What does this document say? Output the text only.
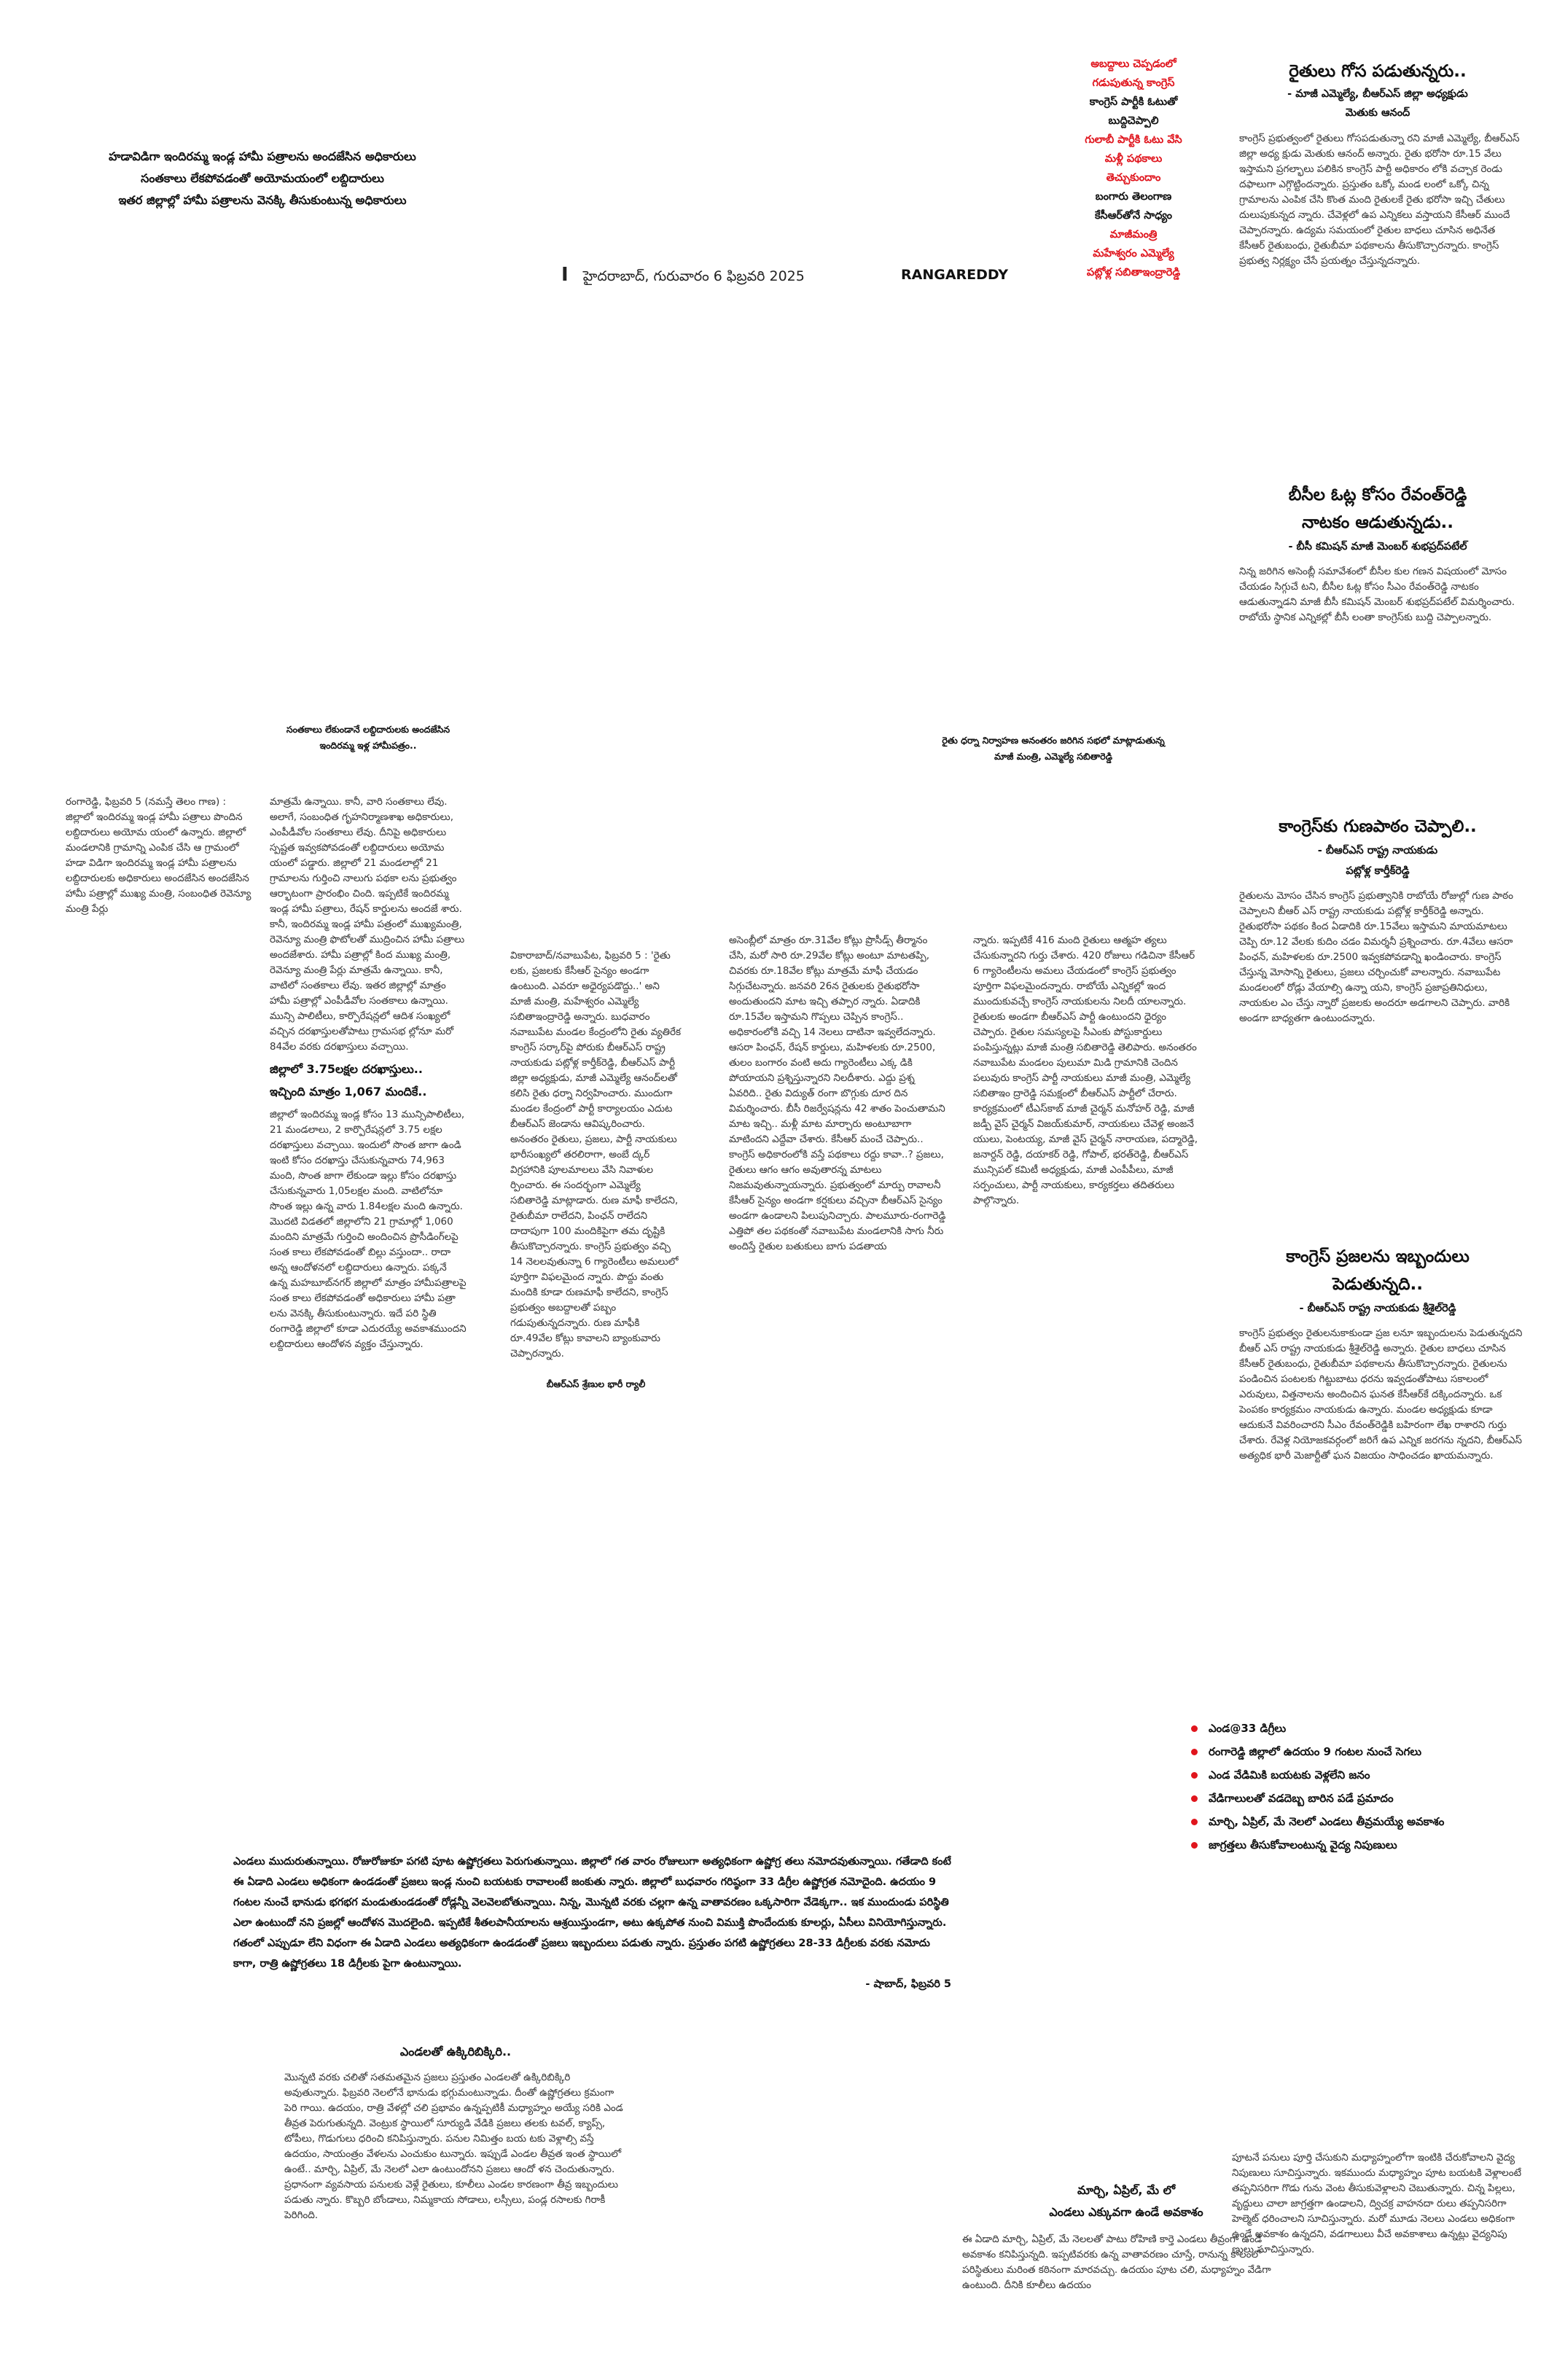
I హైదరాబాద్, గురువారం 6 ఫిబ్రవరి 2025	RANGAREDDY
హడావిడిగా ఇందిరమ్మ ఇండ్ల హామీ పత్రాలను అందజేసిన అధికారులు
సంతకాలు లేకపోవడంతో అయోమయంలో లబ్దిదారులు
ఇతర జిల్లాల్లో హామీ పత్రాలను వెనక్కి తీసుకుంటున్న అధికారులు
సంతకాలు లేకుండానే లబ్దిదారులకు అందజేసిన ఇందిరమ్మ ఇళ్ల హామీపత్రం..
రంగారెడ్డి, ఫిబ్రవరి 5 (నమస్తే తెలం గాణ) : జిల్లాలో ఇందిరమ్మ ఇండ్ల హామీ పత్రాలు పొందిన లబ్దిదారులు అయోమ యంలో ఉన్నారు. జిల్లాలో మండలానికి గ్రామాన్ని ఎంపిక చేసి ఆ గ్రామంలో హడా విడిగా ఇందిరమ్మ ఇండ్ల హామీ పత్రాలను లబ్దిదారులకు అధికారులు అందజేసిన అందజేసిన హామీ పత్రాల్లో ముఖ్య మంత్రి, సంబంధిత రెవెన్యూ మంత్రి పేర్లు
మాత్రమే ఉన్నాయి. కానీ, వారి సంతకాలు లేవు. అలాగే, సంబంధిత గృహనిర్మాణశాఖ అధికారులు, ఎంపీడీవోల సంతకాలు లేవు. దీనిపై అధికారులు స్పష్టత ఇవ్వకపోవడంతో లబ్దిదారులు అయోమ యంలో పడ్డారు. జిల్లాలో 21 మండలాల్లో 21 గ్రామాలను గుర్తించి నాలుగు పథకా లను ప్రభుత్వం ఆర్భాటంగా ప్రారంభిం చింది. ఇప్పటికే ఇందిరమ్మ ఇండ్ల హామీ పత్రాలు, రేషన్ కార్డులను అందజే శారు. కానీ, ఇందిరమ్మ ఇండ్ల హామీ పత్రంలో ముఖ్యమంత్రి, రెవెన్యూ మంత్రి ఫొటోలతో ముద్రించిన హామీ పత్రాలు అందజేశారు. హామీ పత్రాల్లో కింద ముఖ్య మంత్రి, రెవెన్యూ మంత్రి పేర్లు మాత్రమే ఉన్నాయి. కానీ, వాటిలో సంతకాలు లేవు. ఇతర జిల్లాల్లో మాత్రం హామీ పత్రాల్లో ఎంపీడీవోల సంతకాలు ఉన్నాయి. మున్సి పాలిటీలు, కార్పొరేషన్లలో ఆదిశ సంఖ్యలో వచ్చిన దరఖాస్తులతోపాటు గ్రామసభ ల్లోనూ మరో 84వేల వరకు దరఖాస్తులు వచ్చాయి.
జిల్లాలో 3.75లక్షల దరఖాస్తులు..
ఇచ్చింది మాత్రం 1,067 మందికే..
జిల్లాలో ఇందిరమ్మ ఇండ్ల కోసం 13 మున్సిపాలిటీలు, 21 మండలాలు, 2 కార్పొరేషన్లలో 3.75 లక్షల దరఖాస్తులు వచ్చాయి. ఇందులో సొంత జాగా ఉండి ఇంటి కోసం దరఖాస్తు చేసుకున్నవారు 74,963 మంది, సొంత జాగా లేకుండా ఇల్లు కోసం దరఖాస్తు చేసుకున్నవారు 1,05లక్షల మంది. వాటిలోనూ సొంత ఇల్లు ఉన్న వారు 1.84లక్షల మంది ఉన్నారు. మొదటి విడతలో జిల్లాలోని 21 గ్రామాల్లో 1,060 మందిని మాత్రమే గుర్తించి అందించిన ప్రొసీడింగ్‌లపై సంత కాలు లేకపోవడంతో బిల్లు వస్తుందా.. రాదా అన్న ఆందోళనలో లబ్దిదారులు ఉన్నారు. పక్కనే ఉన్న మహబూబ్‌నగర్ జిల్లాలో మాత్రం హామీపత్రాలపై సంత కాలు లేకపోవడంతో అధికారులు హామీ పత్రా లను వెనక్కి తీసుకుంటున్నారు. ఇదే పరి స్థితి రంగారెడ్డి జిల్లాలో కూడా ఎదురయ్యే అవకాశముందని లబ్దిదారులు ఆందోళన వ్యక్తం చేస్తున్నారు.
అబద్దాలు చెప్పడంలో
గడుపుతున్న కాంగ్రెస్
కాంగ్రెస్ పార్టీకి ఓటుతో
బుద్దిచెప్పాలి
గులాబీ పార్టీకి ఓటు వేసి
మళ్లీ పథకాలు
తెచ్చుకుందాం
బంగారు తెలంగాణ
కేసీఆర్‌తోనే సాధ్యం
మాజీమంత్రి
మహేశ్వరం ఎమ్మెల్యే
పట్లోళ్ల సబితాఇంద్రారెడ్డి
రైతు ధర్నా నిర్వాహణ అనంతరం జరిగిన సభలో మాట్లాడుతున్న మాజీ మంత్రి, ఎమ్మెల్యే సబితారెడ్డి

వికారాబాద్/నవాబుపేట, ఫిబ్రవరి 5 : 'రైతు లకు, ప్రజలకు కేసీఆర్ సైన్యం అండగా ఉంటుంది. ఎవరూ అధైర్యపడొద్దు..' అని మాజీ మంత్రి, మహేశ్వరం ఎమ్మెల్యే సబితాఇంద్రారెడ్డి అన్నారు. బుధవారం నవాబుపేట మండల కేంద్రంలోని రైతు వ్యతిరేక కాంగ్రెస్ సర్కార్‌పై పోరుకు బీఆర్‌ఎస్ రాష్ట్ర నాయకుడు పట్లోళ్ల కార్తీక్‌రెడ్డి, బీఆర్‌ఎస్ పార్టీ జిల్లా అధ్యక్షుడు, మాజీ ఎమ్మెల్యే ఆనంద్‌లతో కలిసి రైతు ధర్నా నిర్వహించారు. ముందుగా మండల కేంద్రంలో పార్టీ కార్యాలయం ఎదుట బీఆర్‌ఎస్ జెండాను ఆవిష్కరించారు. అనంతరం రైతులు, ప్రజలు, పార్టీ నాయకులు భారీసంఖ్యలో తరలిరాగా, అంబే ద్కర్ విగ్రహానికి పూలమాలలు వేసి నివాళుల ర్పించారు. ఈ సందర్భంగా ఎమ్మెల్యే సబితారెడ్డి మాట్లాడారు. రుణ మాఫీ కాలేదని, రైతుబీమా రాలేదని, పింఛన్ రాలేదని దాదాపుగా 100 మందికిపైగా తమ దృష్టికి తీసుకొచ్చారన్నారు. కాంగ్రెస్ ప్రభుత్వం వచ్చి 14 నెలలవుతున్నా 6 గ్యారెంటీలు అమలులో పూర్తిగా విఫలమైంద న్నారు. పొద్దు వంతు మందికి కూడా రుణమాఫీ కాలేదని, కాంగ్రెస్ ప్రభుత్వం అబద్దాలతో పబ్బం గడుపుతున్నదన్నారు. రుణ మాఫీకి రూ.49వేల కోట్లు కావాలని బ్యాంకువారు చెప్పారన్నారు.

బీఆర్‌ఎస్ శ్రేణుల భారీ ర్యాలీ

అసెంబ్లీలో మాత్రం రూ.31వేల కోట్లు ప్రొసీడ్స్ తీర్మానం చేసి, మరో సారి రూ.29వేల కోట్లు అంటూ మాటతప్పి, చివరకు రూ.18వేల కోట్లు మాత్రమే మాఫీ చేయడం సిగ్గుచేటన్నారు. జనవరి 26న రైతులకు రైతుభరోసా అందుతుందని మాట ఇచ్చి తప్పార న్నారు. ఏడాదికి రూ.15వేల ఇస్తామని గొప్పలు చెప్పిన కాంగ్రెస్.. అధికారంలోకి వచ్చి 14 నెలలు దాటినా ఇవ్వలేదన్నారు. ఆసరా పింఛన్, రేషన్ కార్డులు, మహిళలకు రూ.2500, తులం బంగారం వంటి అదు గ్యారెంటీలు ఎక్క డికి పోయాయని ప్రశ్నిస్తున్నారని నిలదీశారు. ఎద్దు ప్రశ్న ఏవరిది.. రైతు విద్యుత్ రంగా బొగ్గుకు దూర దిన విమర్శించారు. బీసీ రిజర్వేషన్లను 42 శాతం పెంచుతామని మాట ఇచ్చి.. మళ్లీ మాట మార్చారు అంటూబాగా మాటిందని ఎద్దేవా చేశారు. కేసీఆర్ మంచే చెప్పారు.. కాంగ్రెస్ అధికారంలోకి వస్తే పథకాలు రద్దు కావా..? ప్రజలు, రైతులు ఆగం ఆగం అవుతారన్న మాటలు నిజమవుతున్నాయన్నారు. ప్రభుత్వంలో మార్పు రావాలనీ కేసీఆర్ సైన్యం అండగా కర్షకులు వచ్చినా బీఆర్‌ఎస్ సైన్యం అండగా ఉండాలని పిలుపునిచ్చారు. పాలమూరు-రంగారెడ్డి ఎత్తిపో తల పథకంతో నవాబుపేట మండలానికి సాగు నీరు అందిస్తే రైతుల బతుకులు బాగు పడతాయ
న్నారు. ఇప్పటికే 416 మంది రైతులు ఆత్మహ త్యలు చేసుకున్నారని గుర్తు చేశారు. 420 రోజులు గడిచినా కేసీఆర్ 6 గ్యారెంటీలను అమలు చేయడంలో కాంగ్రెస్ ప్రభుత్వం పూర్తిగా విఫలమైందన్నారు. రాబోయే ఎన్నికల్లో ఇంద ముందుకువచ్చే కాంగ్రెస్ నాయకులను నిలదీ యాలన్నారు. రైతులకు అండగా బీఆర్‌ఎస్ పార్టీ ఉంటుందని ధైర్యం చెప్పారు. రైతుల సమస్యలపై సీఎంకు పోస్టుకార్డులు పంపిస్తున్నట్లు మాజీ మంత్రి సబితారెడ్డి తెలిపారు. అనంతరం నవాబుపేట మండలం పులుమా మిడి గ్రామానికి చెందిన పలువురు కాంగ్రెస్ పార్టీ నాయకులు మాజీ మంత్రి, ఎమ్మెల్యే సబితాఇం ద్రారెడ్డి సమక్షంలో బీఆర్‌ఎస్ పార్టీలో చేరారు. కార్యక్రమంలో టీఎస్‌కాబ్ మాజీ చైర్మన్ మనోహర్ రెడ్డి, మాజీ జడ్పీ వైస్ చైర్మన్ విజయ్‌కుమార్, నాయకులు చేవెళ్ల అంజనే యులు, పెంటయ్య, మాజీ వైస్ చైర్మన్ నారాయణ, పద్మారెడ్డి, జనార్దన్ రెడ్డి, దయాకర్ రెడ్డి, గోపాల్, భరత్‌రెడ్డి, బీఆర్‌ఎస్ మున్సిపల్ కమిటీ అధ్యక్షుడు, మాజీ ఎంపీపీలు, మాజీ సర్పంచులు, పార్టీ నాయకులు, కార్యకర్తలు తదితరులు పాల్గొన్నారు.
రైతులు గోస పడుతున్నరు..
- మాజీ ఎమ్మెల్యే, బీఆర్‌ఎస్ జిల్లా అధ్యక్షుడు
మెతుకు ఆనంద్
కాంగ్రెస్ ప్రభుత్వంలో రైతులు గోసపడుతున్నా రని మాజీ ఎమ్మెల్యే, బీఆర్‌ఎస్ జిల్లా అధ్య క్షుడు మెతుకు ఆనంద్ అన్నారు. రైతు భరోసా రూ.15 వేలు ఇస్తామని ప్రగల్భాలు పలికిన కాంగ్రెస్ పార్టీ అధికారం లోకి వచ్చాక రెండు దఫాలుగా ఎగ్గొట్టిందన్నారు. ప్రస్తుతం ఒక్కో మండ లంలో ఒక్కో చిన్న గ్రామాలను ఎంపిక చేసి కొంత మంది రైతులకే రైతు భరోసా ఇచ్చి చేతులు దులుపుకున్నద న్నారు. చేవెళ్లలో ఉప ఎన్నికలు వస్తాయని కేసీఆర్ ముందే చెప్పారన్నారు. ఉద్యమ సమయంలో రైతుల బాధలు చూసిన అధినేత కేసీఆర్ రైతుబంధు, రైతుబీమా పథకాలను తీసుకొచ్చారన్నారు. కాంగ్రెస్ ప్రభుత్వ నిర్లక్ష్యం చేసే ప్రయత్నం చేస్తున్నదన్నారు.
బీసీల ఓట్ల కోసం రేవంత్‌రెడ్డి
నాటకం ఆడుతున్నడు..
- బీసీ కమిషన్ మాజీ మెంబర్ శుభప్రద్‌పటేల్
నిన్న జరిగిన అసెంబ్లీ సమావేశంలో బీసీల కుల గణన విషయంలో మోసం చేయడం సిగ్గుచే టని, బీసీల ఓట్ల కోసం సీఎం రేవంత్‌రెడ్డి నాటకం ఆడుతున్నాడని మాజీ బీసీ కమిషన్ మెంబర్ శుభప్రద్‌పటేల్ విమర్శించారు. రాబోయే స్థానిక ఎన్నికల్లో బీసీ లంతా కాంగ్రెస్‌కు బుద్ది చెప్పాలన్నారు.
కాంగ్రెస్‌కు గుణపాఠం చెప్పాలి..
- బీఆర్‌ఎస్ రాష్ట్ర నాయకుడు
పట్లోళ్ల కార్తీక్‌రెడ్డి
రైతులను మోసం చేసిన కాంగ్రెస్ ప్రభుత్వానికి రాబోయే రోజుల్లో గుణ పాఠం చెప్పాలని బీఆర్ ఎస్ రాష్ట్ర నాయకుడు పట్లోళ్ల కార్తీక్‌రెడ్డి అన్నారు. రైతుభరోసా పథకం కింద ఏడాదికి రూ.15వేలు ఇస్తామని మాయమాటలు చెప్పి రూ.12 వేలకు కుదిం చడం విమర్శనీ ప్రశ్నించారు. రూ.4వేలు ఆసరా పింఛన్, మహిళలకు రూ.2500 ఇవ్వకపోవడాన్ని ఖండించారు. కాంగ్రెస్ చేస్తున్న మోసాన్ని రైతులు, ప్రజలు చర్చించుకో వాలన్నారు. నవాబుపేట మండలంలో రోడ్లు వేయాల్సి ఉన్నా యని, కాంగ్రెస్ ప్రజాప్రతినిధులు, నాయకుల ఎం చేస్తు న్నారో ప్రజలకు అందరూ అడగాలని చెప్పారు. వారికి అండగా బాధ్యతగా ఉంటుందన్నారు.
కాంగ్రెస్ ప్రజలను ఇబ్బందులు
పెడుతున్నది..
- బీఆర్‌ఎస్ రాష్ట్ర నాయకుడు శ్రీశైల్‌రెడ్డి
కాంగ్రెస్ ప్రభుత్వం రైతులనుకాకుండా ప్రజ లనూ ఇబ్బందులను పెడుతున్నదని బీఆర్ ఎస్ రాష్ట్ర నాయకుడు శ్రీశైల్‌రెడ్డి అన్నారు. రైతుల బాధలు చూసిన కేసీఆర్ రైతుబంధు, రైతుబీమా పథకాలను తీసుకొచ్చారన్నారు. రైతులను పండించిన పంటలకు గిట్టుబాటు ధరను ఇవ్వడంతోపాటు సకాలంలో ఎరువులు, విత్తనాలను అందించిన ఘనత కేసీఆర్‌కే దక్కిందన్నారు. ఒక పెంపకం కార్యక్రమం నాయకుడు ఉన్నారు. మండల అధ్యక్షుడు కూడా ఆదుకునే వివరించారని సీఎం రేవంత్‌రెడ్డికి బహిరంగా లేఖ రాశారని గుర్తు చేశారు. రేవెళ్ల నియోజకవర్గంలో జరిగే ఉప ఎన్నిక జరగను న్నదని, బీఆర్‌ఎస్ అత్యధిక భారీ మెజార్టీతో ఘన విజయం సాధించడం ఖాయమన్నారు.
ఎండ@33 డిగ్రీలు
రంగారెడ్డి జిల్లాలో ఉదయం 9 గంటల నుంచే సెగలు
ఎండ వేడిమికి బయటకు వెళ్లలేని జనం
వేడిగాలులతో వడదెబ్బ బారిన పడే ప్రమాదం
మార్చి, ఏప్రిల్, మే నెలలో ఎండలు తీవ్రమయ్యే అవకాశం
జాగ్రత్తలు తీసుకోవాలంటున్న వైద్య నిపుణులు
ఎండలు ముదురుతున్నాయి. రోజురోజుకూ పగటి పూట ఉష్ణోగ్రతలు పెరుగుతున్నాయి. జిల్లాలో గత వారం రోజులుగా అత్యధికంగా ఉష్ణోగ్ర తలు నమోదవుతున్నాయి. గతేడాది కంటే ఈ ఏడాది ఎండలు అధికంగా ఉండడంతో ప్రజలు ఇండ్ల నుంచి బయటకు రావాలంటే జంకుతు న్నారు. జిల్లాలో బుధవారం గరిష్ఠంగా 33 డిగ్రీల ఉష్ణోగ్రత నమోదైంది. ఉదయం 9 గంటల నుంచే భానుడు భగభగ మండుతుండడంతో రోడ్లన్నీ వెలవెలబోతున్నాయి. నిన్న, మొన్నటి వరకు చల్లగా ఉన్న వాతావరణం ఒక్కసారిగా వేడెక్కగా.. ఇక ముందుండు పరిస్థితి ఎలా ఉంటుందో నని ప్రజల్లో ఆందోళన మొదలైంది. ఇప్పటికే శీతలపానీయాలను ఆశ్రయిస్తుండగా, అటు ఉక్కపోత నుంచి విముక్తి పొందేందుకు కూలర్లు, ఏసీలు వినియోగిస్తున్నారు. గతంలో ఎప్పుడూ లేని విధంగా ఈ ఏడాది ఎండలు అత్యధికంగా ఉండడంతో ప్రజలు ఇబ్బందులు పడుతు న్నారు. ప్రస్తుతం పగటి ఉష్ణోగ్రతలు 28-33 డిగ్రీలకు వరకు నమోదు కాగా, రాత్రి ఉష్ణోగ్రతలు 18 డిగ్రీలకు పైగా ఉంటున్నాయి.
- షాబాద్, ఫిబ్రవరి 5
ఎండలతో ఉక్కిరిబిక్కిరి..
మొన్నటి వరకు చలితో సతమతమైన ప్రజలు ప్రస్తుతం ఎండలతో ఉక్కిరిబిక్కిరి అవుతున్నారు. ఫిబ్రవరి నెలలోనే భానుడు భగ్గుమంటున్నాడు. దీంతో ఉష్ణోగ్రతలు క్రమంగా పెరి గాయి. ఉదయం, రాత్రి వేళల్లో చలి ప్రభావం ఉన్నప్పటికీ మధ్యాహ్నం అయ్యే సరికి ఎండ తీవ్రత పెరుగుతున్నది. వెంట్రుక స్థాయిలో సూర్యుడి వేడికి ప్రజలు తలకు టవల్, క్యాప్స్, టోపీలు, గొడుగులు ధరించి కనిపిస్తున్నారు. పనుల నిమిత్తం బయ టకు వెళ్లాల్సి వస్తే ఉదయం, సాయంత్రం వేళలను ఎంచుకుం టున్నారు. ఇప్పుడే ఎండల తీవ్రత ఇంత స్థాయిలో ఉంటే.. మార్చి, ఏప్రిల్, మే నెలలో ఎలా ఉంటుందోనని ప్రజలు ఆందో ళన చెందుతున్నారు. ప్రధానంగా వ్యవసాయ పనులకు వెళ్లే రైతులు, కూలీలు ఎండల కారణంగా తీవ్ర ఇబ్బందులు పడుతు న్నారు. కొబ్బరి బోండాలు, నిమ్మకాయ సోడాలు, లస్సీలు, పండ్ల రసాలకు గిరాకీ పెరిగింది.
మార్చి, ఏప్రిల్, మే లో
ఎండలు ఎక్కువగా ఉండే అవకాశం
ఈ ఏడాది మార్చి, ఏప్రిల్, మే నెలలతో పాటు రోహిణి కార్తె ఎండలు తీవ్రంగా ఉండే అవకాశం కనిపిస్తున్నది. ఇప్పటివరకు ఉన్న వాతావరణం చూస్తే, రానున్న కాలంలో పరిస్థితులు మరింత కఠినంగా మారవచ్చు. ఉదయం పూట చలి, మధ్యాహ్నం వేడిగా ఉంటుంది. దీనికి కూలీలు ఉదయం
పూటనే పనులు పూర్తి చేసుకుని మధ్యాహ్నంలోగా ఇంటికి చేరుకోవాలని వైద్య నిపుణులు సూచిస్తున్నారు. ఇకముందు మధ్యాహ్నం పూట బయటకి వెళ్లాలంటే తప్పనిసరిగా గొడు గును వెంట తీసుకువెళ్లాలని చెబుతున్నారు. చిన్న పిల్లలు, వృద్దులు చాలా జాగ్రత్తగా ఉండాలని, ద్విచక్ర వాహనదా రులు తప్పనిసరిగా హెల్మెట్ ధరించాలని సూచిస్తున్నారు. మరో మూడు నెలలు ఎండలు అధికంగా ఉండే అవకాశం ఉన్నదని, వడగాలులు వీచే అవకాశాలు ఉన్నట్లు వైద్యనిపు ణులు సూచిస్తున్నారు.
